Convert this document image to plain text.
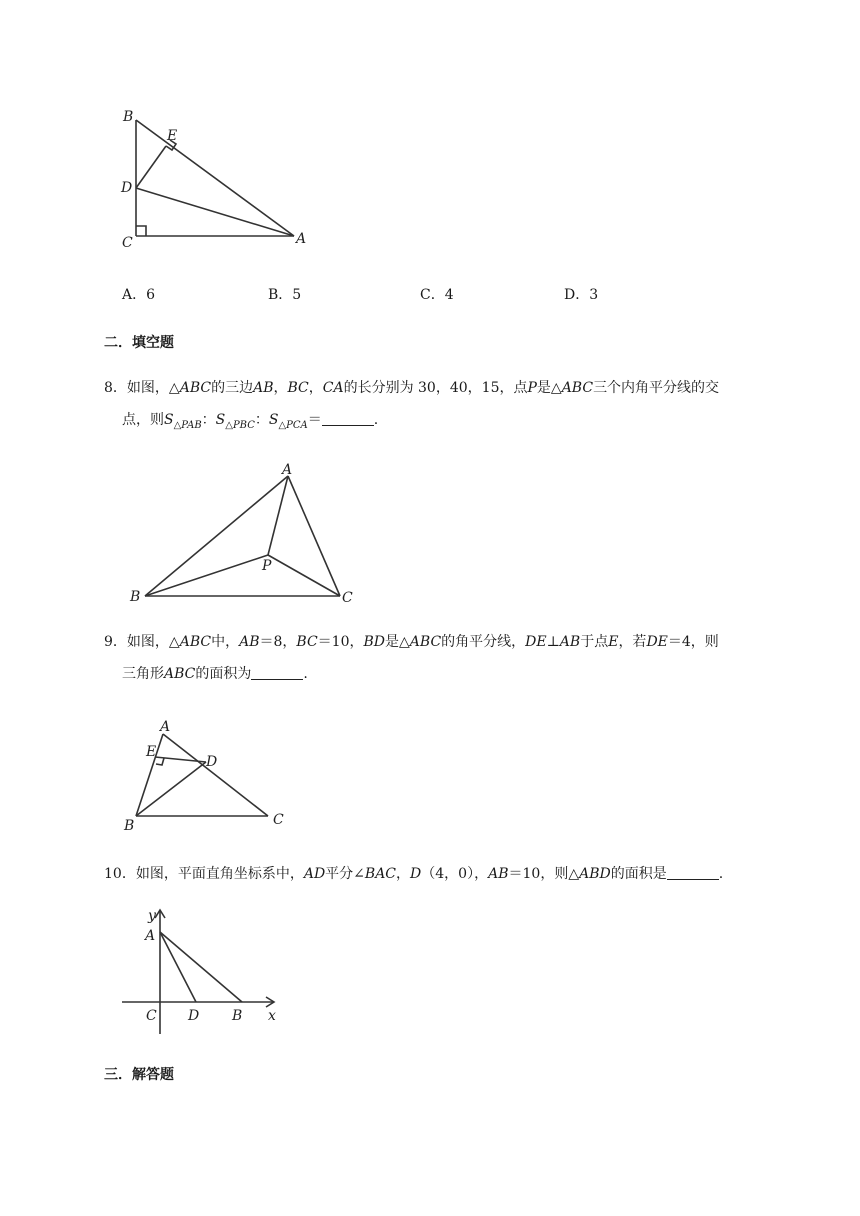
B
E
D
C	A
A．6	B．5	C．4	D．3
二．填空题
8．如图，△ABC的三边AB，BC，CA的长分别为 30，40，15，点P是△ABC三个内角平分线的交
点，则$S_{\triangle PAB}$：$S_{\triangle PBC}$：$S_{\triangle PCA}=$	.
A
P
B	C
9．如图，△ABC中，AB＝8，BC＝10，BD是△ABC的角平分线，DE⊥AB于点E，若DE＝4，则
三角形ABC的面积为	.
A
E
D
B	C
10．如图，平面直角坐标系中，AD平分∠BAC，D（4，0），AB＝10，则△ABD的面积是	.
y
A
C D B x
三．解答题
